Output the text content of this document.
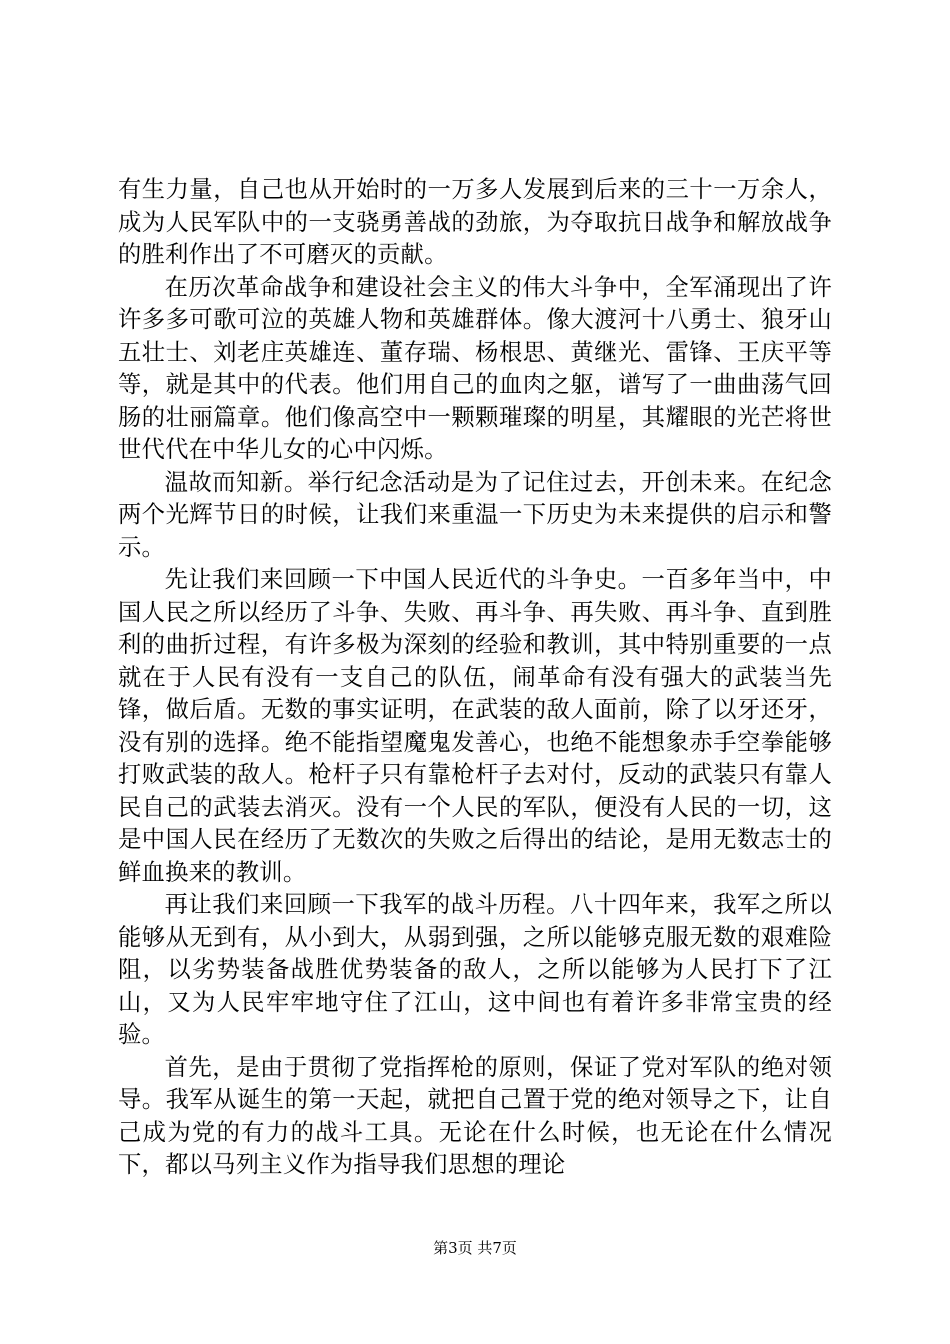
有生力量，自己也从开始时的一万多人发展到后来的三十一万余人，成为人民军队中的一支骁勇善战的劲旅，为夺取抗日战争和解放战争的胜利作出了不可磨灭的贡献。

在历次革命战争和建设社会主义的伟大斗争中，全军涌现出了许许多多可歌可泣的英雄人物和英雄群体。像大渡河十八勇士、狼牙山五壮士、刘老庄英雄连、董存瑞、杨根思、黄继光、雷锋、王庆平等等，就是其中的代表。他们用自己的血肉之躯，谱写了一曲曲荡气回肠的壮丽篇章。他们像高空中一颗颗璀璨的明星，其耀眼的光芒将世世代代在中华儿女的心中闪烁。

温故而知新。举行纪念活动是为了记住过去，开创未来。在纪念两个光辉节日的时候，让我们来重温一下历史为未来提供的启示和警示。

先让我们来回顾一下中国人民近代的斗争史。一百多年当中，中国人民之所以经历了斗争、失败、再斗争、再失败、再斗争、直到胜利的曲折过程，有许多极为深刻的经验和教训，其中特别重要的一点就在于人民有没有一支自己的队伍，闹革命有没有强大的武装当先锋，做后盾。无数的事实证明，在武装的敌人面前，除了以牙还牙，没有别的选择。绝不能指望魔鬼发善心，也绝不能想象赤手空拳能够打败武装的敌人。枪杆子只有靠枪杆子去对付，反动的武装只有靠人民自己的武装去消灭。没有一个人民的军队，便没有人民的一切，这是中国人民在经历了无数次的失败之后得出的结论，是用无数志士的鲜血换来的教训。

再让我们来回顾一下我军的战斗历程。八十四年来，我军之所以能够从无到有，从小到大，从弱到强，之所以能够克服无数的艰难险阻，以劣势装备战胜优势装备的敌人，之所以能够为人民打下了江山，又为人民牢牢地守住了江山，这中间也有着许多非常宝贵的经验。

首先，是由于贯彻了党指挥枪的原则，保证了党对军队的绝对领导。我军从诞生的第一天起，就把自己置于党的绝对领导之下，让自己成为党的有力的战斗工具。无论在什么时候，也无论在什么情况下，都以马列主义作为指导我们思想的理论

第3页 共7页
